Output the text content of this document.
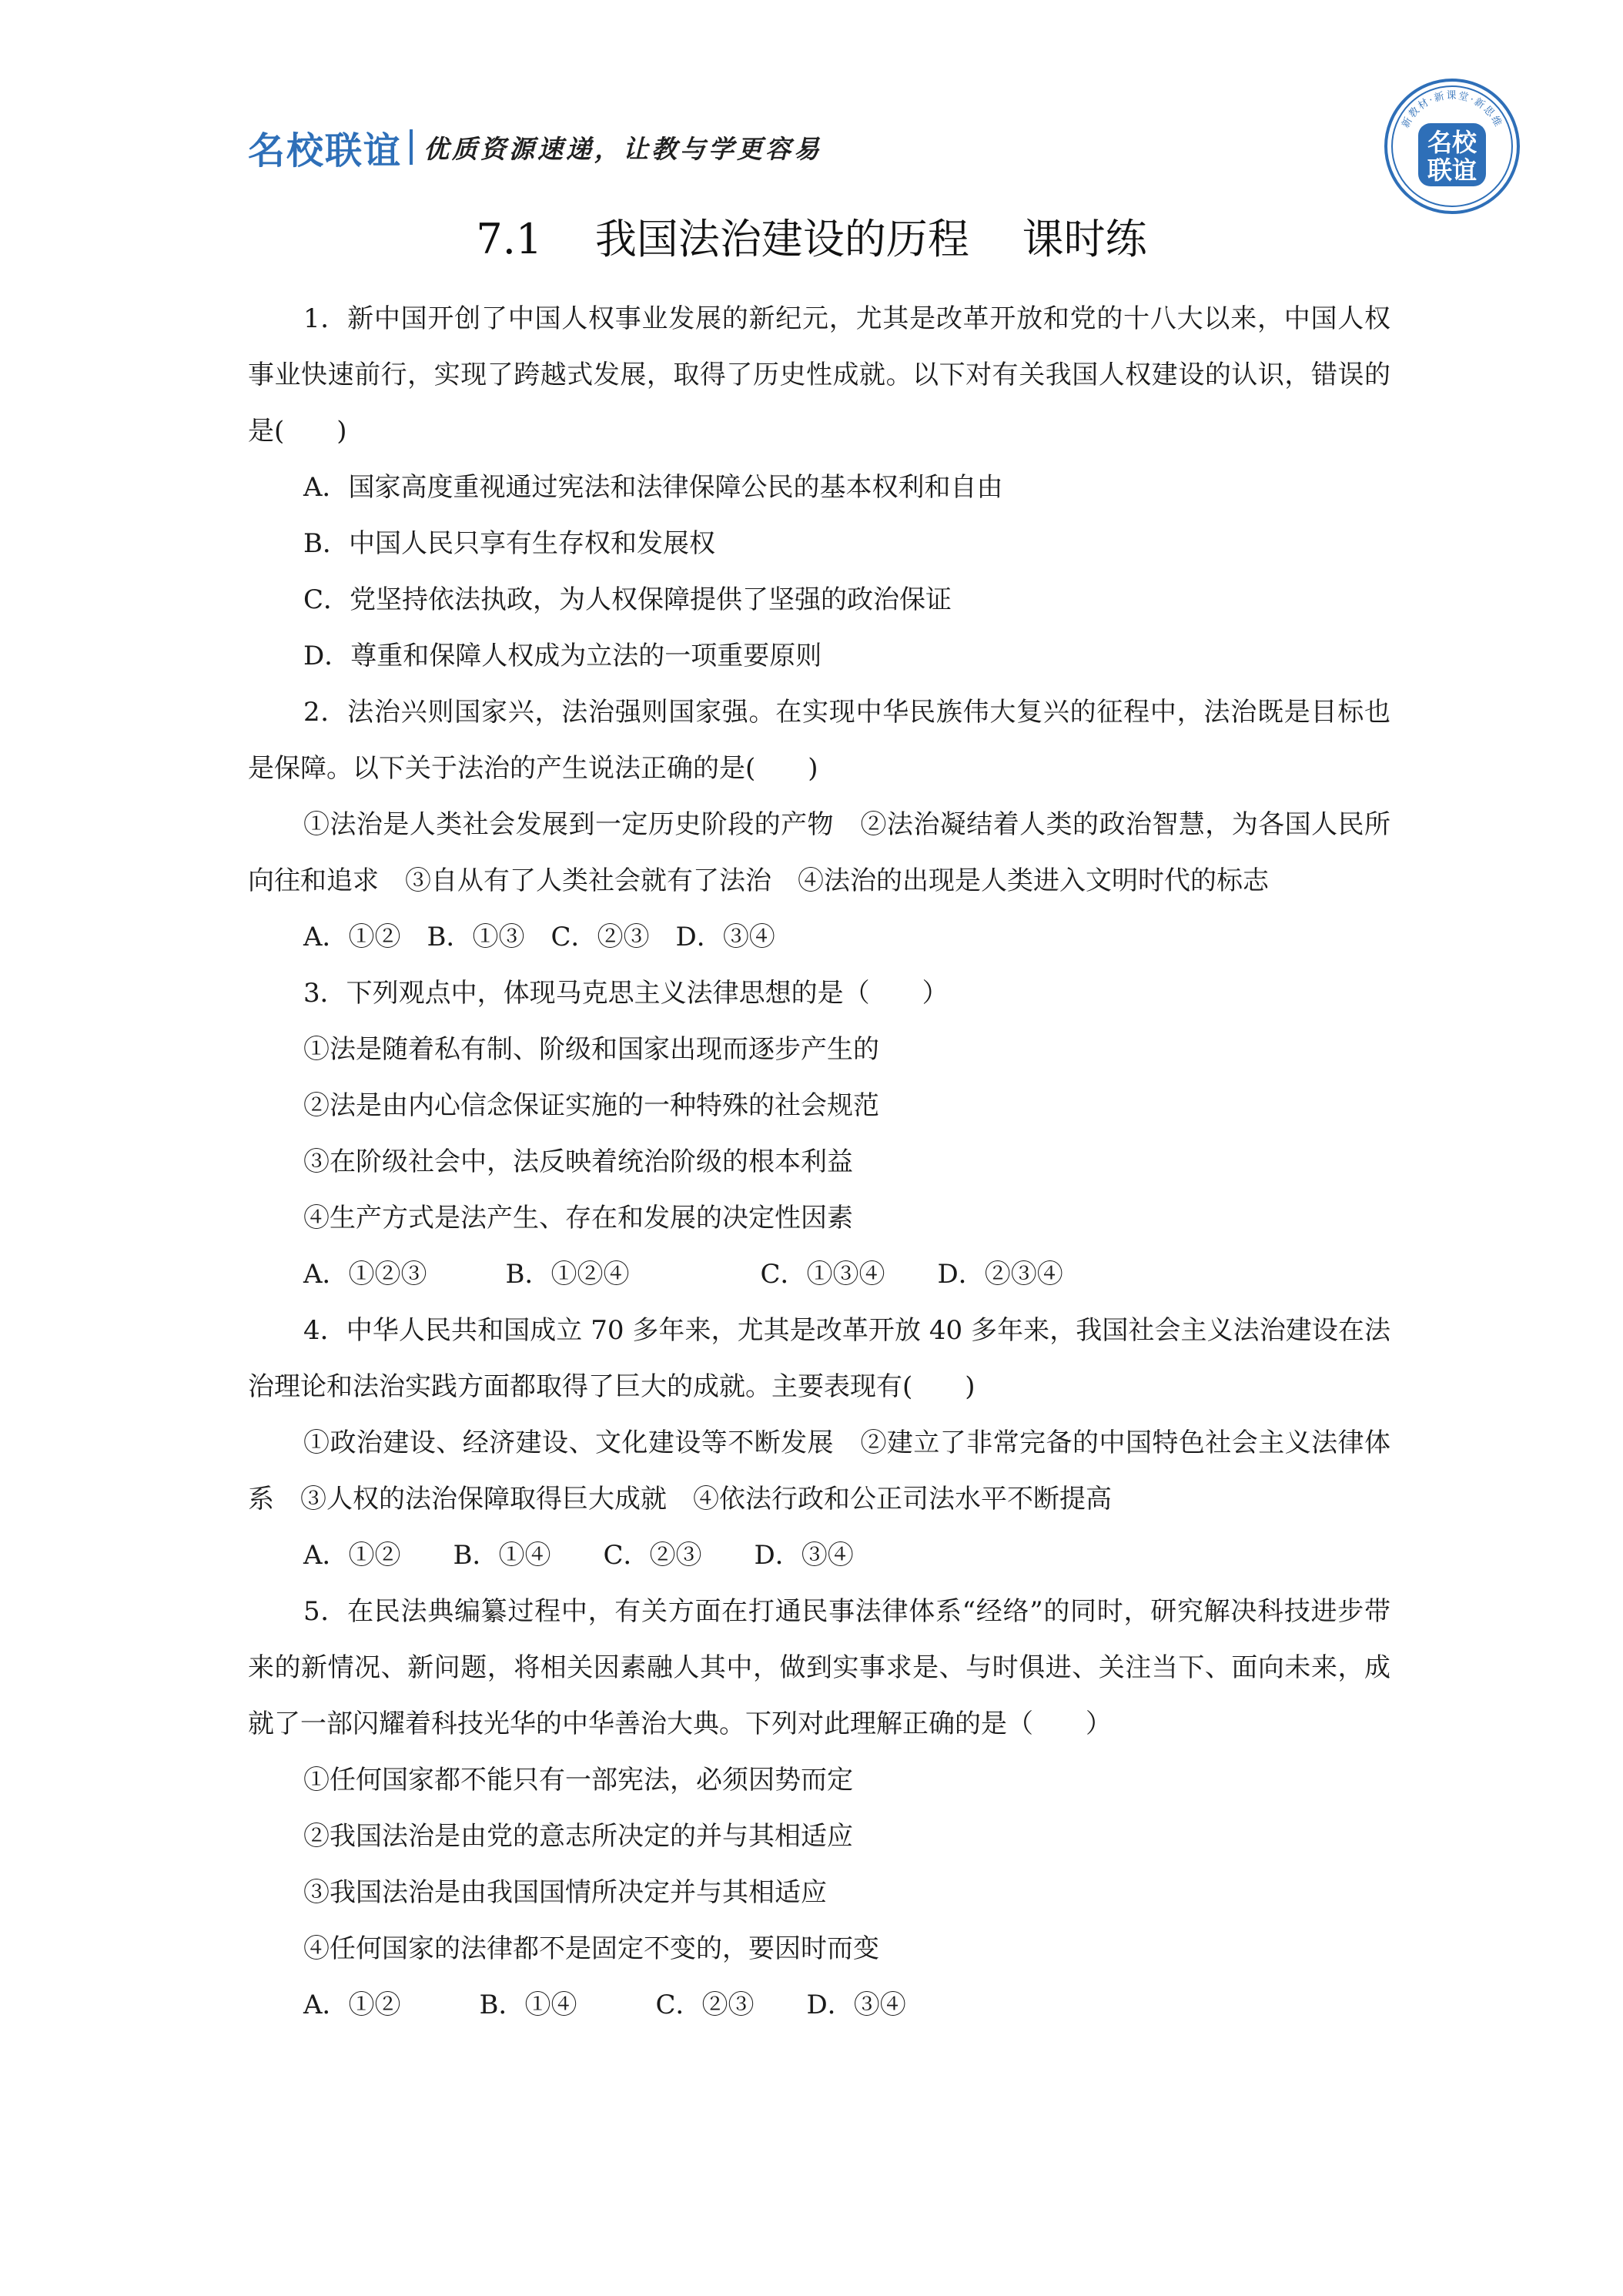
名校联谊 优质资源速递，让教与学更容易
新教材·新课堂·新思维
名校
联谊
7.1    我国法治建设的历程    课时练

1．新中国开创了中国人权事业发展的新纪元，尤其是改革开放和党的十八大以来，中国人权事业快速前行，实现了跨越式发展，取得了历史性成就。以下对有关我国人权建设的认识，错误的是(　　)

A．国家高度重视通过宪法和法律保障公民的基本权利和自由

B．中国人民只享有生存权和发展权

C．党坚持依法执政，为人权保障提供了坚强的政治保证

D．尊重和保障人权成为立法的一项重要原则

2．法治兴则国家兴，法治强则国家强。在实现中华民族伟大复兴的征程中，法治既是目标也是保障。以下关于法治的产生说法正确的是(　　)

①法治是人类社会发展到一定历史阶段的产物　②法治凝结着人类的政治智慧，为各国人民所向往和追求　③自从有了人类社会就有了法治　④法治的出现是人类进入文明时代的标志

A．①②　B．①③　C．②③　D．③④

3．下列观点中，体现马克思主义法律思想的是（　　）

①法是随着私有制、阶级和国家出现而逐步产生的

②法是由内心信念保证实施的一种特殊的社会规范

③在阶级社会中，法反映着统治阶级的根本利益

④生产方式是法产生、存在和发展的决定性因素

A．①②③　　　B．①②④　　　　　C．①③④　　D．②③④

4．中华人民共和国成立 70 多年来，尤其是改革开放 40 多年来，我国社会主义法治建设在法治理论和法治实践方面都取得了巨大的成就。主要表现有(　　)

①政治建设、经济建设、文化建设等不断发展　②建立了非常完备的中国特色社会主义法律体系　③人权的法治保障取得巨大成就　④依法行政和公正司法水平不断提高

A．①②　　B．①④　　C．②③　　D．③④

5．在民法典编纂过程中，有关方面在打通民事法律体系“经络”的同时，研究解决科技进步带来的新情况、新问题，将相关因素融人其中，做到实事求是、与时俱进、关注当下、面向未来，成就了一部闪耀着科技光华的中华善治大典。下列对此理解正确的是（　　）

①任何国家都不能只有一部宪法，必须因势而定

②我国法治是由党的意志所决定的并与其相适应

③我国法治是由我国国情所决定并与其相适应

④任何国家的法律都不是固定不变的，要因时而变

A．①②　　　B．①④　　　C．②③　　D．③④
